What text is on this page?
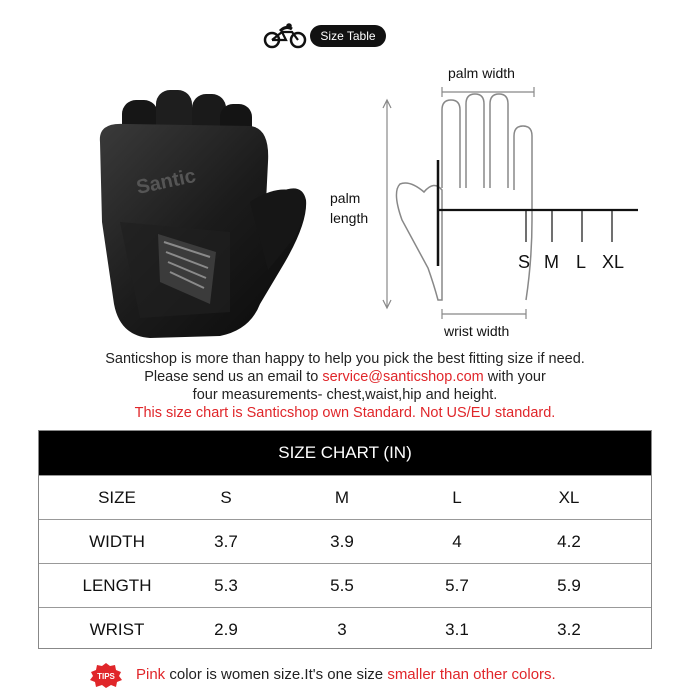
Size Table
Santic
palm width
palm
length
wrist width
S M L XL
Santicshop is more than happy to help you pick the best fitting size if need.
Please send us an email to service@santicshop.com with your
four measurements- chest,waist,hip and height.
This size chart is Santicshop own Standard. Not US/EU standard.
SIZE CHART (IN)
SIZE	S	M	L	XL
WIDTH	3.7	3.9	4	4.2
LENGTH	5.3	5.5	5.7	5.9
WRIST	2.9	3	3.1	3.2
TIPS Pink color is women size.It's one size smaller than other colors.
